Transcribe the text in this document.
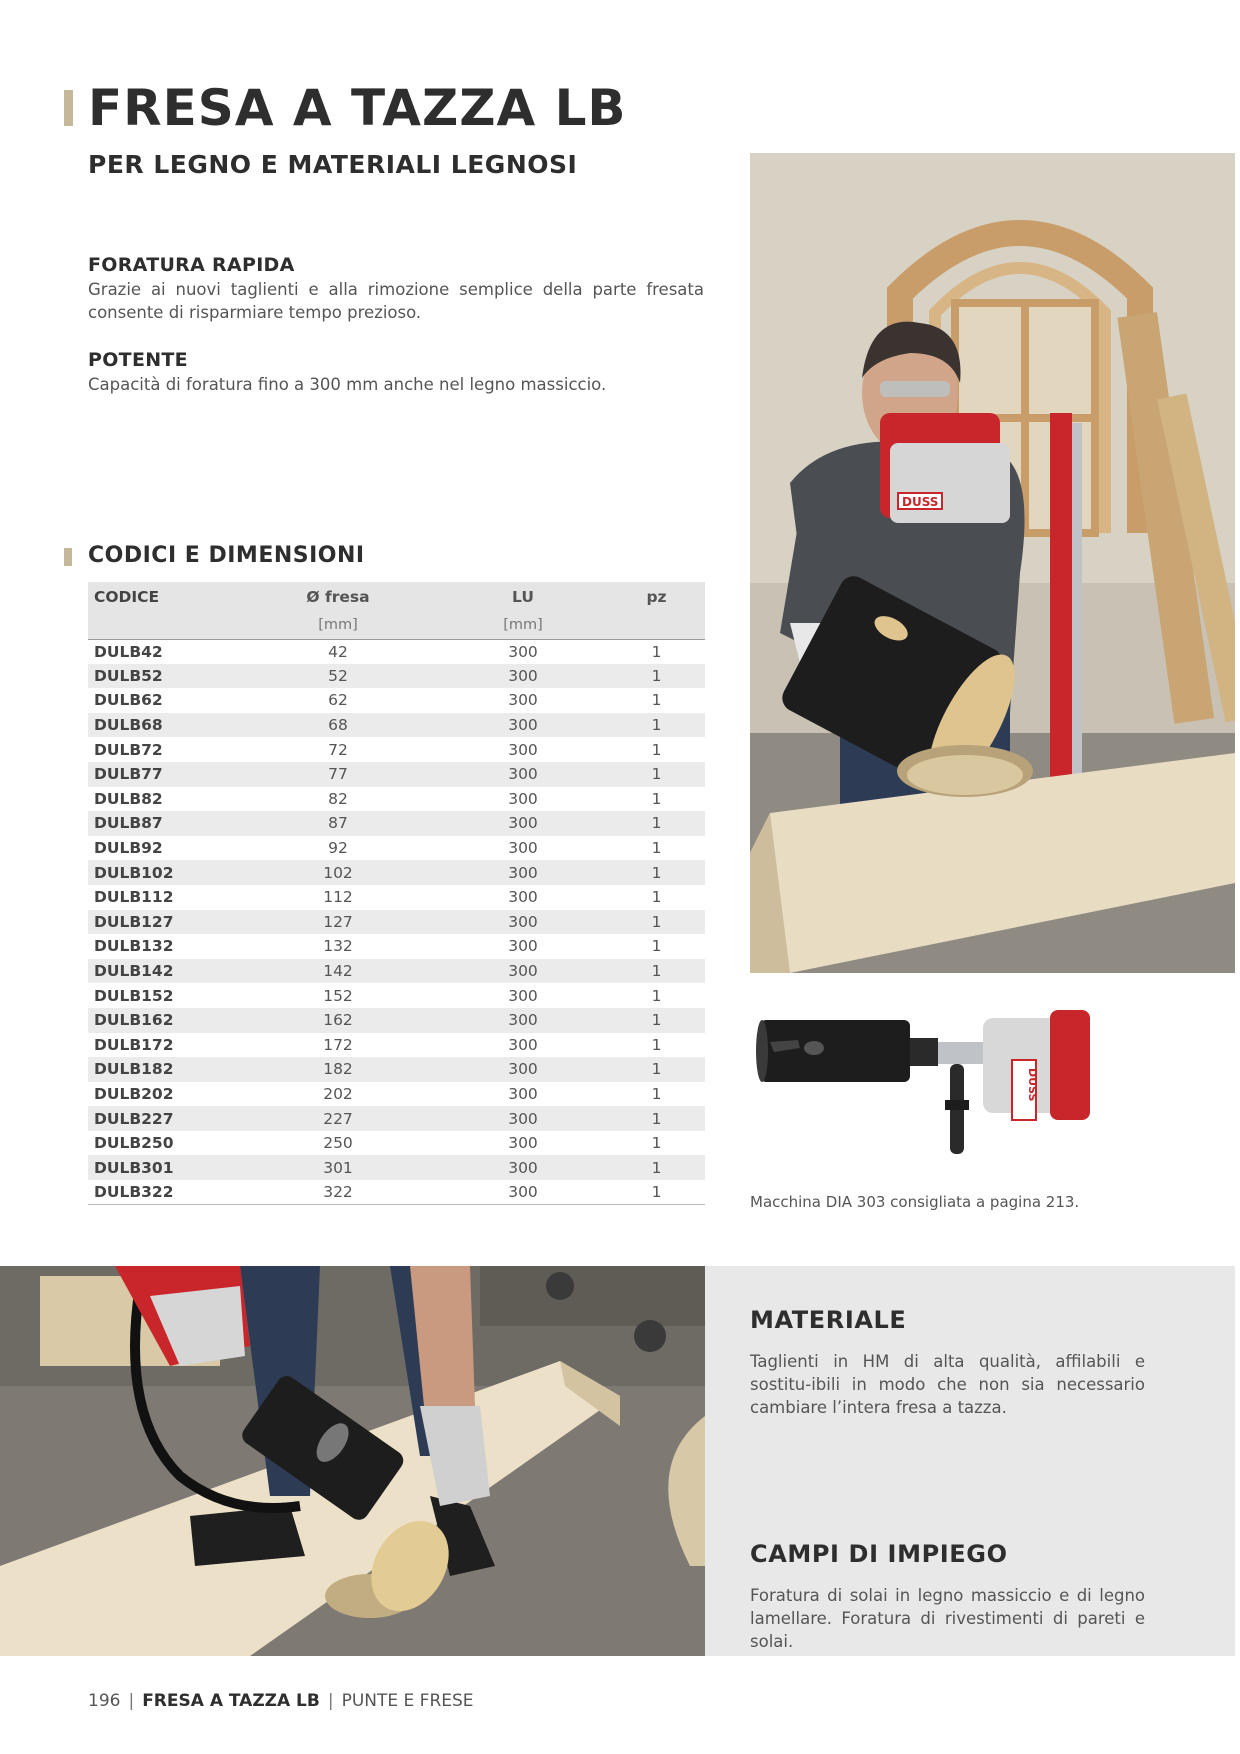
FRESA A TAZZA LB
PER LEGNO E MATERIALI LEGNOSI
FORATURA RAPIDA

Grazie ai nuovi taglienti e alla rimozione semplice della parte fresata consente di risparmiare tempo prezioso.

POTENTE

Capacità di foratura fino a 300 mm anche nel legno massiccio.

CODICI E DIMENSIONI
CODICE	Ø fresa	LU	pz
	[mm]	[mm]	
DULB42	42	300	1
DULB52	52	300	1
DULB62	62	300	1
DULB68	68	300	1
DULB72	72	300	1
DULB77	77	300	1
DULB82	82	300	1
DULB87	87	300	1
DULB92	92	300	1
DULB102	102	300	1
DULB112	112	300	1
DULB127	127	300	1
DULB132	132	300	1
DULB142	142	300	1
DULB152	152	300	1
DULB162	162	300	1
DULB172	172	300	1
DULB182	182	300	1
DULB202	202	300	1
DULB227	227	300	1
DULB250	250	300	1
DULB301	301	300	1
DULB322	322	300	1
DUSS
DUSS
Macchina DIA 303 consigliata a pagina 213.
MATERIALE

Taglienti in HM di alta qualità, affilabili e sostitu-ibili in modo che non sia necessario cambiare l’intera fresa a tazza.

CAMPI DI IMPIEGO

Foratura di solai in legno massiccio e di legno lamellare. Foratura di rivestimenti di pareti e solai.

196 | FRESA A TAZZA LB | PUNTE E FRESE
